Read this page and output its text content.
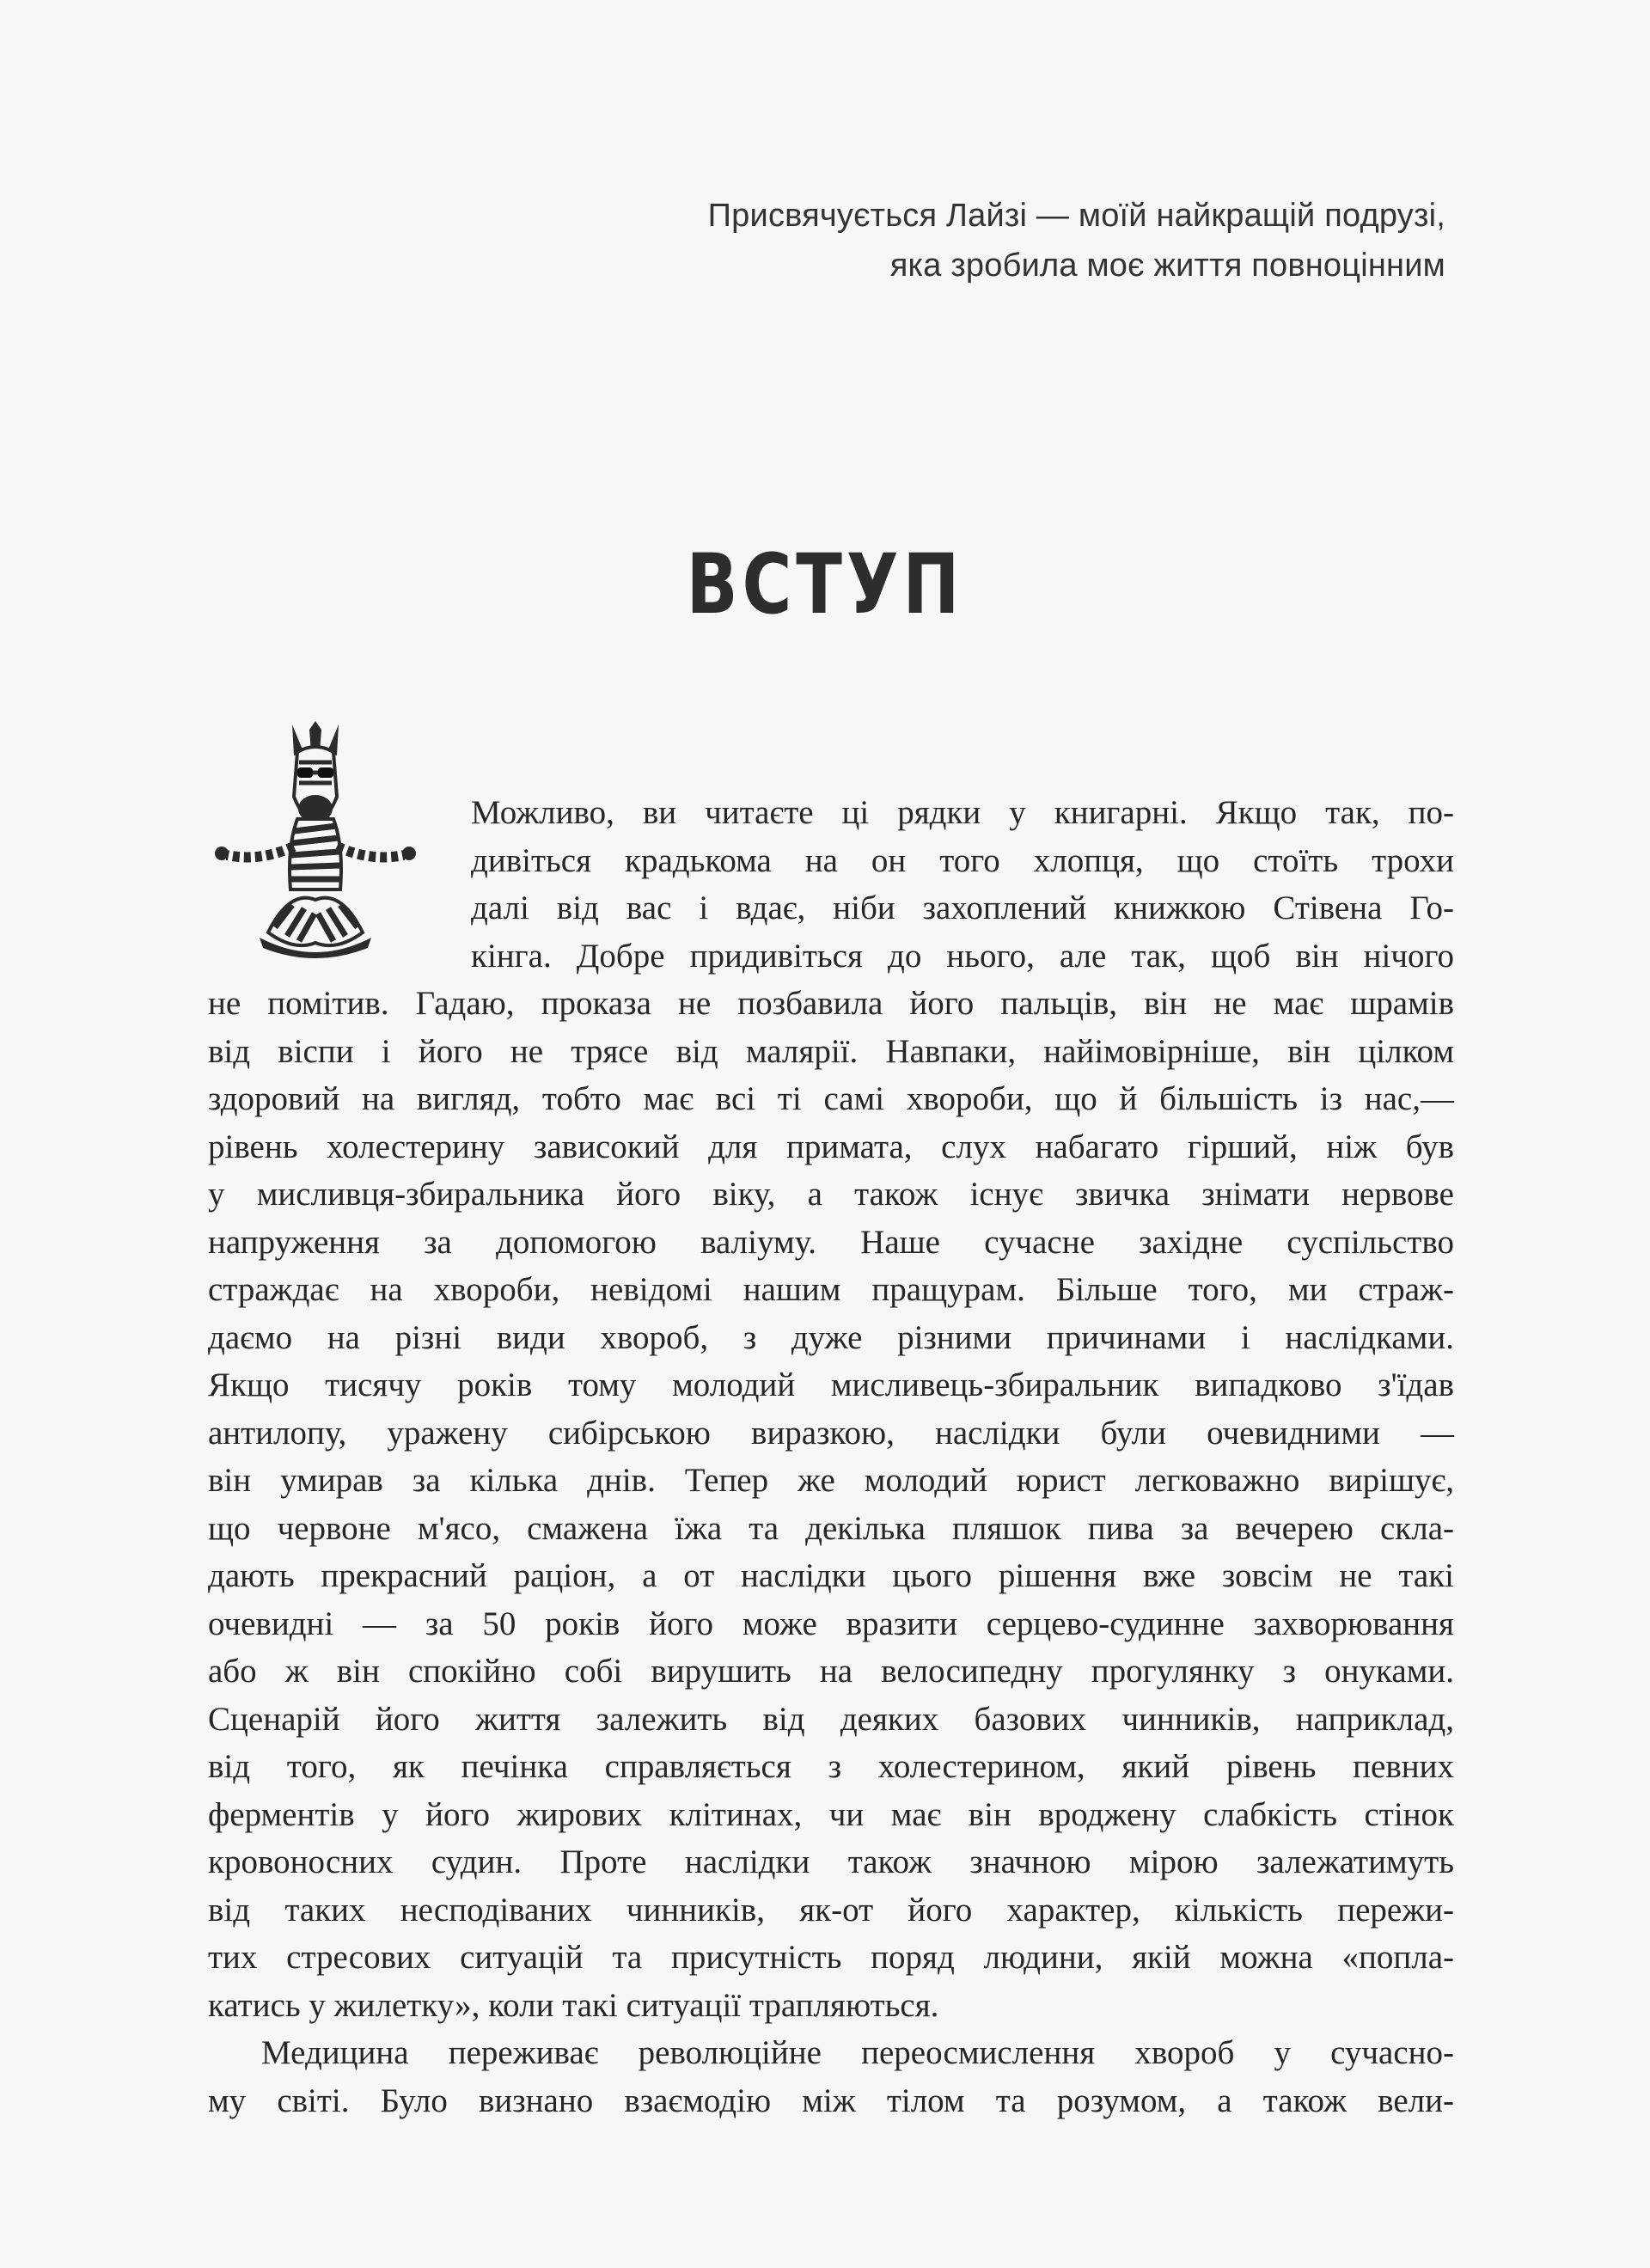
Присвячується Лайзі — моїй найкращій подрузі,
яка зробила моє життя повноцінним
ВСТУП
Можливо, ви читаєте ці рядки у книгарні. Якщо так, по-
дивіться крадькома на он того хлопця, що стоїть трохи
далі від вас і вдає, ніби захоплений книжкою Стівена Го-
кінга. Добре придивіться до нього, але так, щоб він нічого
не помітив. Гадаю, проказа не позбавила його пальців, він не має шрамів
від віспи і його не трясе від малярії. Навпаки, найімовірніше, він цілком
здоровий на вигляд, тобто має всі ті самі хвороби, що й більшість із нас,—
рівень холестерину зависокий для примата, слух набагато гірший, ніж був
у мисливця-збиральника його віку, а також існує звичка знімати нервове
напруження за допомогою валіуму. Наше сучасне західне суспільство
страждає на хвороби, невідомі нашим пращурам. Більше того, ми страж-
даємо на різні види хвороб, з дуже різними причинами і наслідками.
Якщо тисячу років тому молодий мисливець-збиральник випадково з'їдав
антилопу, уражену сибірською виразкою, наслідки були очевидними —
він умирав за кілька днів. Тепер же молодий юрист легковажно вирішує,
що червоне м'ясо, смажена їжа та декілька пляшок пива за вечерею скла-
дають прекрасний раціон, а от наслідки цього рішення вже зовсім не такі
очевидні — за 50 років його може вразити серцево-судинне захворювання
або ж він спокійно собі вирушить на велосипедну прогулянку з онуками.
Сценарій його життя залежить від деяких базових чинників, наприклад,
від того, як печінка справляється з холестерином, який рівень певних
ферментів у його жирових клітинах, чи має він вроджену слабкість стінок
кровоносних судин. Проте наслідки також значною мірою залежатимуть
від таких несподіваних чинників, як-от його характер, кількість пережи-
тих стресових ситуацій та присутність поряд людини, якій можна «попла-
катись у жилетку», коли такі ситуації трапляються.
Медицина переживає революційне переосмислення хвороб у сучасно-
му світі. Було визнано взаємодію між тілом та розумом, а також вели-
